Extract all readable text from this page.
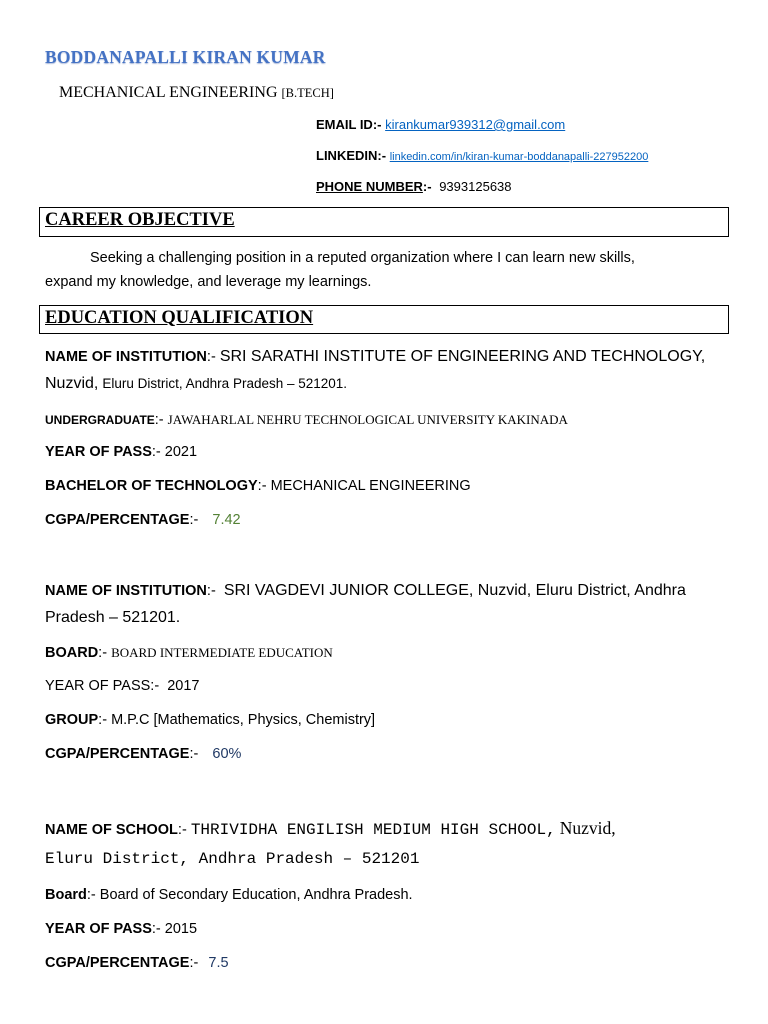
BODDANAPALLI KIRAN KUMAR
MECHANICAL ENGINEERING [B.TECH]
EMAIL ID:- kirankumar939312@gmail.com
LINKEDIN:- linkedin.com/in/kiran-kumar-boddanapalli-227952200
PHONE NUMBER:- 9393125638
CAREER OBJECTIVE
Seeking a challenging position in a reputed organization where I can learn new skills,
expand my knowledge, and leverage my learnings.
EDUCATION QUALIFICATION
NAME OF INSTITUTION:- SRI SARATHI INSTITUTE OF ENGINEERING AND TECHNOLOGY,
Nuzvid, Eluru District, Andhra Pradesh – 521201.
UNDERGRADUATE:- JAWAHARLAL NEHRU TECHNOLOGICAL UNIVERSITY KAKINADA
YEAR OF PASS:- 2021
BACHELOR OF TECHNOLOGY:- MECHANICAL ENGINEERING
CGPA/PERCENTAGE:- 7.42
NAME OF INSTITUTION:- SRI VAGDEVI JUNIOR COLLEGE, Nuzvid, Eluru District, Andhra
Pradesh – 521201.
BOARD:- BOARD INTERMEDIATE EDUCATION
YEAR OF PASS:- 2017
GROUP:- M.P.C [Mathematics, Physics, Chemistry]
CGPA/PERCENTAGE:- 60%
NAME OF SCHOOL:- THRIVIDHA ENGILISH MEDIUM HIGH SCHOOL, Nuzvid,
Eluru District, Andhra Pradesh – 521201
Board:- Board of Secondary Education, Andhra Pradesh.
YEAR OF PASS:- 2015
CGPA/PERCENTAGE:- 7.5
